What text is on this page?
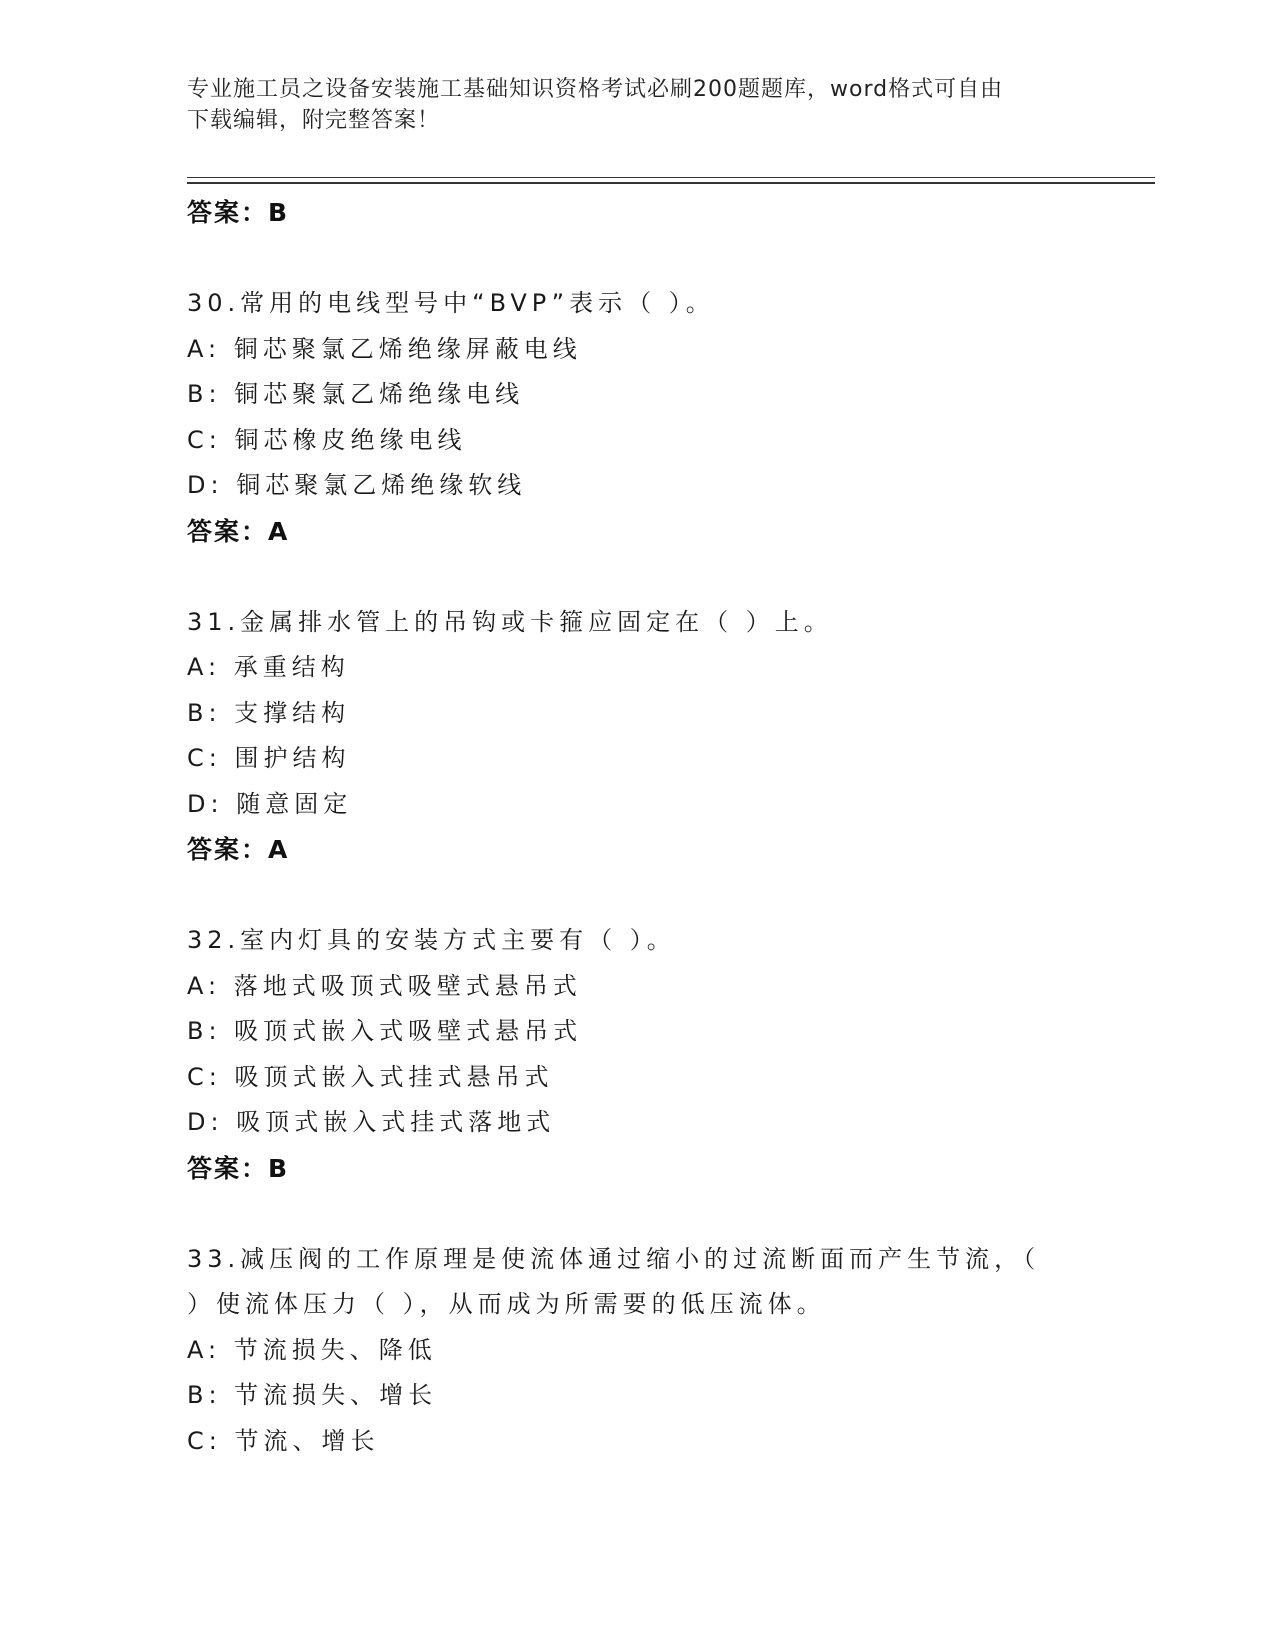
专业施工员之设备安装施工基础知识资格考试必刷200题题库，word格式可自由
下载编辑，附完整答案！
答案：B
30.常用的电线型号中“BVP”表示（ ）。
A: 铜芯聚氯乙烯绝缘屏蔽电线
B: 铜芯聚氯乙烯绝缘电线
C: 铜芯橡皮绝缘电线
D: 铜芯聚氯乙烯绝缘软线
答案：A
31.金属排水管上的吊钩或卡箍应固定在（ ）上。
A: 承重结构
B: 支撑结构
C: 围护结构
D: 随意固定
答案：A
32.室内灯具的安装方式主要有（ ）。
A: 落地式吸顶式吸壁式悬吊式
B: 吸顶式嵌入式吸壁式悬吊式
C: 吸顶式嵌入式挂式悬吊式
D: 吸顶式嵌入式挂式落地式
答案：B
33.减压阀的工作原理是使流体通过缩小的过流断面而产生节流，（
）使流体压力（ ），从而成为所需要的低压流体。
A: 节流损失、降低
B: 节流损失、增长
C: 节流、增长
